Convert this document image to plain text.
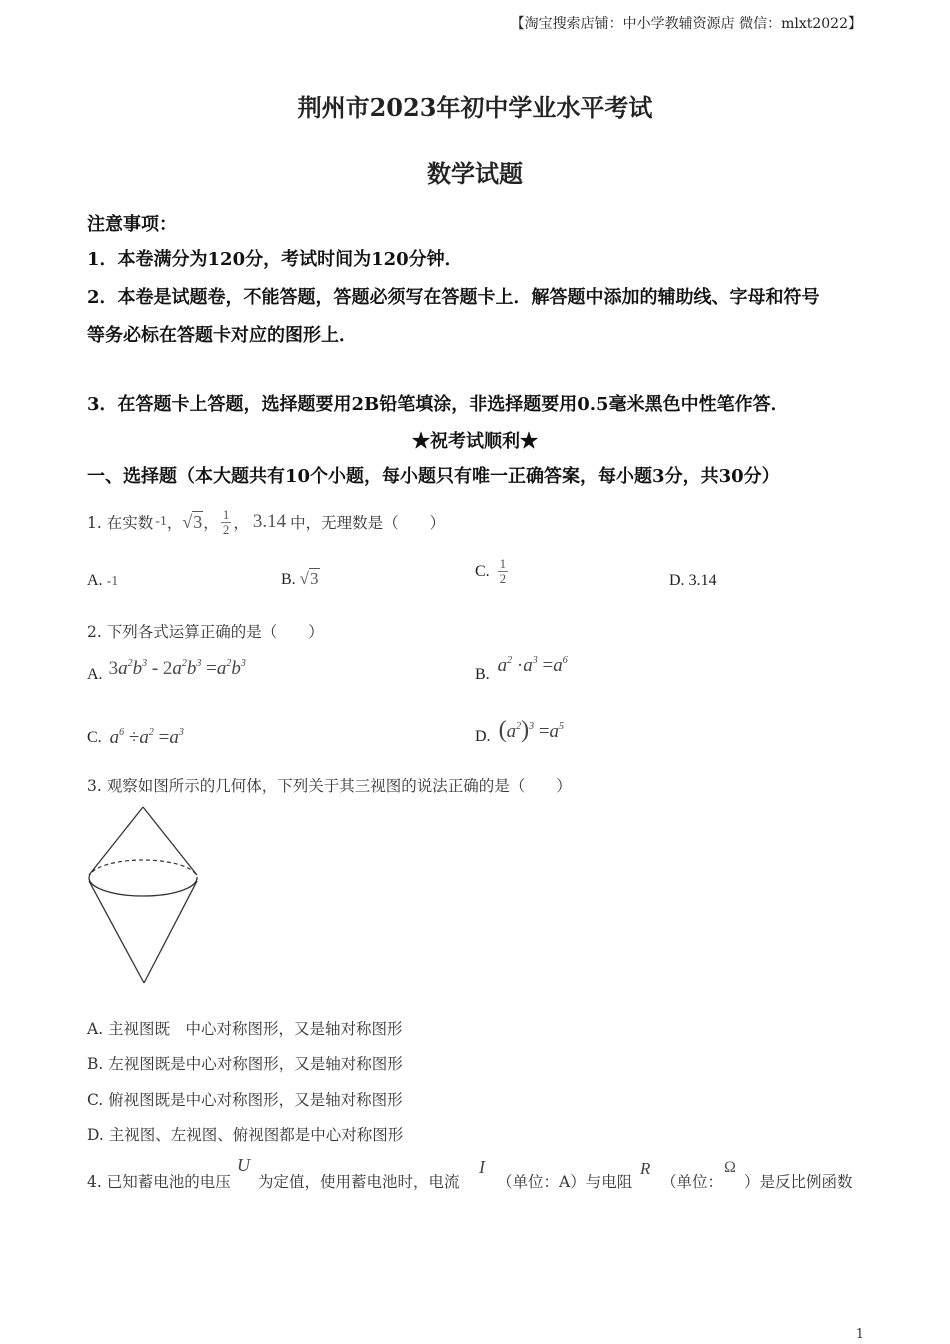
【淘宝搜索店铺：中小学教辅资源店 微信：mlxt2022】
荆州市2023年初中学业水平考试
数学试题
注意事项：
1．本卷满分为120分，考试时间为120分钟．
2．本卷是试题卷，不能答题，答题必须写在答题卡上．解答题中添加的辅助线、字母和符号
等务必标在答题卡对应的图形上．
3．在答题卡上答题，选择题要用2B铅笔填涂，非选择题要用0.5毫米黑色中性笔作答．
★祝考试顺利★
一、选择题（本大题共有10个小题，每小题只有唯一正确答案，每小题3分，共30分）
1. 在实数 -1 ， √3 ， $\frac{1}{2}$ ， 3.14 中，无理数是（　　）
A. -1	B. √3	C. $\frac{1}{2}$	D. 3.14
2. 下列各式运算正确的是（　　）
A. $3a^2b^3 - 2a^2b^3 =a^2b^3$
B. $a^2 \cdot a^3 =a^6$
C. $a^6 \div a^2 =a^3$	D. $(a^2)^3 =a^5$
3. 观察如图所示的几何体，下列关于其三视图的说法正确的是（　　）
A. 主视图既　中心对称图形，又是轴对称图形
B. 左视图既是中心对称图形，又是轴对称图形
C. 俯视图既是中心对称图形，又是轴对称图形
D. 主视图、左视图、俯视图都是中心对称图形
4. 已知蓄电池的电压
U
为定值，使用蓄电池时，电流
I
（单位：A）与电阻
R
（单位：
Ω
）是反比例函数
1
